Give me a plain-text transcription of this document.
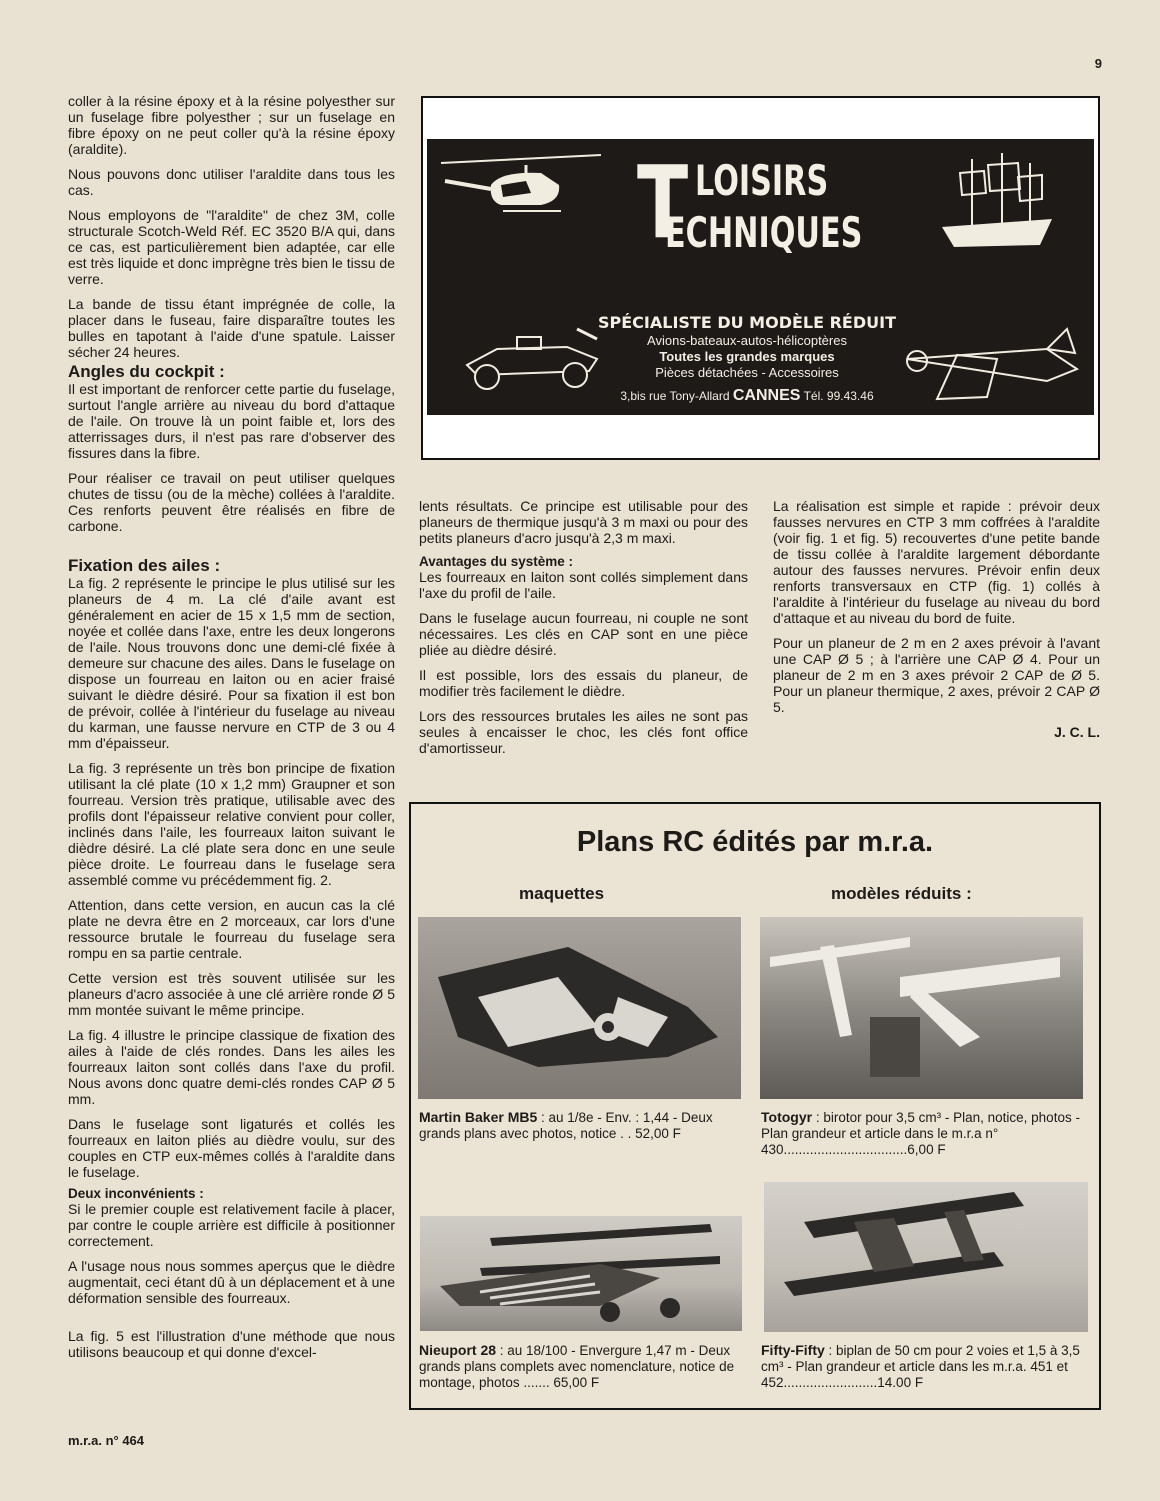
9

coller à la résine époxy et à la résine polyesther sur un fuselage fibre polyesther ; sur un fuselage en fibre époxy on ne peut coller qu'à la résine époxy (araldite).

Nous pouvons donc utiliser l'araldite dans tous les cas.

Nous employons de "l'araldite" de chez 3M, colle structurale Scotch-Weld Réf. EC 3520 B/A qui, dans ce cas, est particulièrement bien adaptée, car elle est très liquide et donc imprègne très bien le tissu de verre.

La bande de tissu étant imprégnée de colle, la placer dans le fuseau, faire disparaître toutes les bulles en tapotant à l'aide d'une spatule. Laisser sécher 24 heures.

Angles du cockpit :

Il est important de renforcer cette partie du fuselage, surtout l'angle arrière au niveau du bord d'attaque de l'aile. On trouve là un point faible et, lors des atterrissages durs, il n'est pas rare d'observer des fissures dans la fibre.

Pour réaliser ce travail on peut utiliser quelques chutes de tissu (ou de la mèche) collées à l'araldite. Ces renforts peuvent être réalisés en fibre de carbone.

Fixation des ailes :

La fig. 2 représente le principe le plus utilisé sur les planeurs de 4 m. La clé d'aile avant est généralement en acier de 15 x 1,5 mm de section, noyée et collée dans l'axe, entre les deux longerons de l'aile. Nous trouvons donc une demi-clé fixée à demeure sur chacune des ailes. Dans le fuselage on dispose un fourreau en laiton ou en acier fraisé suivant le dièdre désiré. Pour sa fixation il est bon de prévoir, collée à l'intérieur du fuselage au niveau du karman, une fausse nervure en CTP de 3 ou 4 mm d'épaisseur.

La fig. 3 représente un très bon principe de fixation utilisant la clé plate (10 x 1,2 mm) Graupner et son fourreau. Version très pratique, utilisable avec des profils dont l'épaisseur relative convient pour coller, inclinés dans l'aile, les fourreaux laiton suivant le dièdre désiré. La clé plate sera donc en une seule pièce droite. Le fourreau dans le fuselage sera assemblé comme vu précédemment fig. 2.

Attention, dans cette version, en aucun cas la clé plate ne devra être en 2 morceaux, car lors d'une ressource brutale le fourreau du fuselage sera rompu en sa partie centrale.

Cette version est très souvent utilisée sur les planeurs d'acro associée à une clé arrière ronde Ø 5 mm montée suivant le même principe.

La fig. 4 illustre le principe classique de fixation des ailes à l'aide de clés rondes. Dans les ailes les fourreaux laiton sont collés dans l'axe du profil. Nous avons donc quatre demi-clés rondes CAP Ø 5 mm.

Dans le fuselage sont ligaturés et collés les fourreaux en laiton pliés au dièdre voulu, sur des couples en CTP eux-mêmes collés à l'araldite dans le fuselage.

Deux inconvénients :

Si le premier couple est relativement facile à placer, par contre le couple arrière est difficile à positionner correctement.

A l'usage nous nous sommes aperçus que le dièdre augmentait, ceci étant dû à un déplacement et à une déformation sensible des fourreaux.

La fig. 5 est l'illustration d'une méthode que nous utilisons beaucoup et qui donne d'excel-

m.r.a. n° 464
T LOISIRS
ECHNIQUES
SPÉCIALISTE DU MODÈLE RÉDUIT
Avions-bateaux-autos-hélicoptères
Toutes les grandes marques
Pièces détachées - Accessoires
3,bis rue Tony-Allard CANNES Tél. 99.43.46

lents résultats. Ce principe est utilisable pour des planeurs de thermique jusqu'à 3 m maxi ou pour des petits planeurs d'acro jusqu'à 2,3 m maxi.

Avantages du système :

Les fourreaux en laiton sont collés simplement dans l'axe du profil de l'aile.

Dans le fuselage aucun fourreau, ni couple ne sont nécessaires. Les clés en CAP sont en une pièce pliée au dièdre désiré.

Il est possible, lors des essais du planeur, de modifier très facilement le dièdre.

Lors des ressources brutales les ailes ne sont pas seules à encaisser le choc, les clés font office d'amortisseur.

La réalisation est simple et rapide : prévoir deux fausses nervures en CTP 3 mm coffrées à l'araldite (voir fig. 1 et fig. 5) recouvertes d'une petite bande de tissu collée à l'araldite largement débordante autour des fausses nervures. Prévoir enfin deux renforts transversaux en CTP (fig. 1) collés à l'araldite à l'intérieur du fuselage au niveau du bord d'attaque et au niveau du bord de fuite.

Pour un planeur de 2 m en 2 axes prévoir à l'avant une CAP Ø 5 ; à l'arrière une CAP Ø 4. Pour un planeur de 2 m en 3 axes prévoir 2 CAP de Ø 5. Pour un planeur thermique, 2 axes, prévoir 2 CAP Ø 5.

J. C. L.
Plans RC édités par m.r.a.
maquettes	modèles réduits :
Martin Baker MB5 : au 1/8e - Env. : 1,44 - Deux grands plans avec photos, notice . . 52,00 F
Totogyr : birotor pour 3,5 cm³ - Plan, notice, photos - Plan grandeur et article dans le m.r.a n° 430.................................6,00 F
Nieuport 28 : au 18/100 - Envergure 1,47 m - Deux grands plans complets avec nomenclature, notice de montage, photos ....... 65,00 F
Fifty-Fifty : biplan de 50 cm pour 2 voies et 1,5 à 3,5 cm³ - Plan grandeur et article dans les m.r.a. 451 et 452.........................14.00 F
